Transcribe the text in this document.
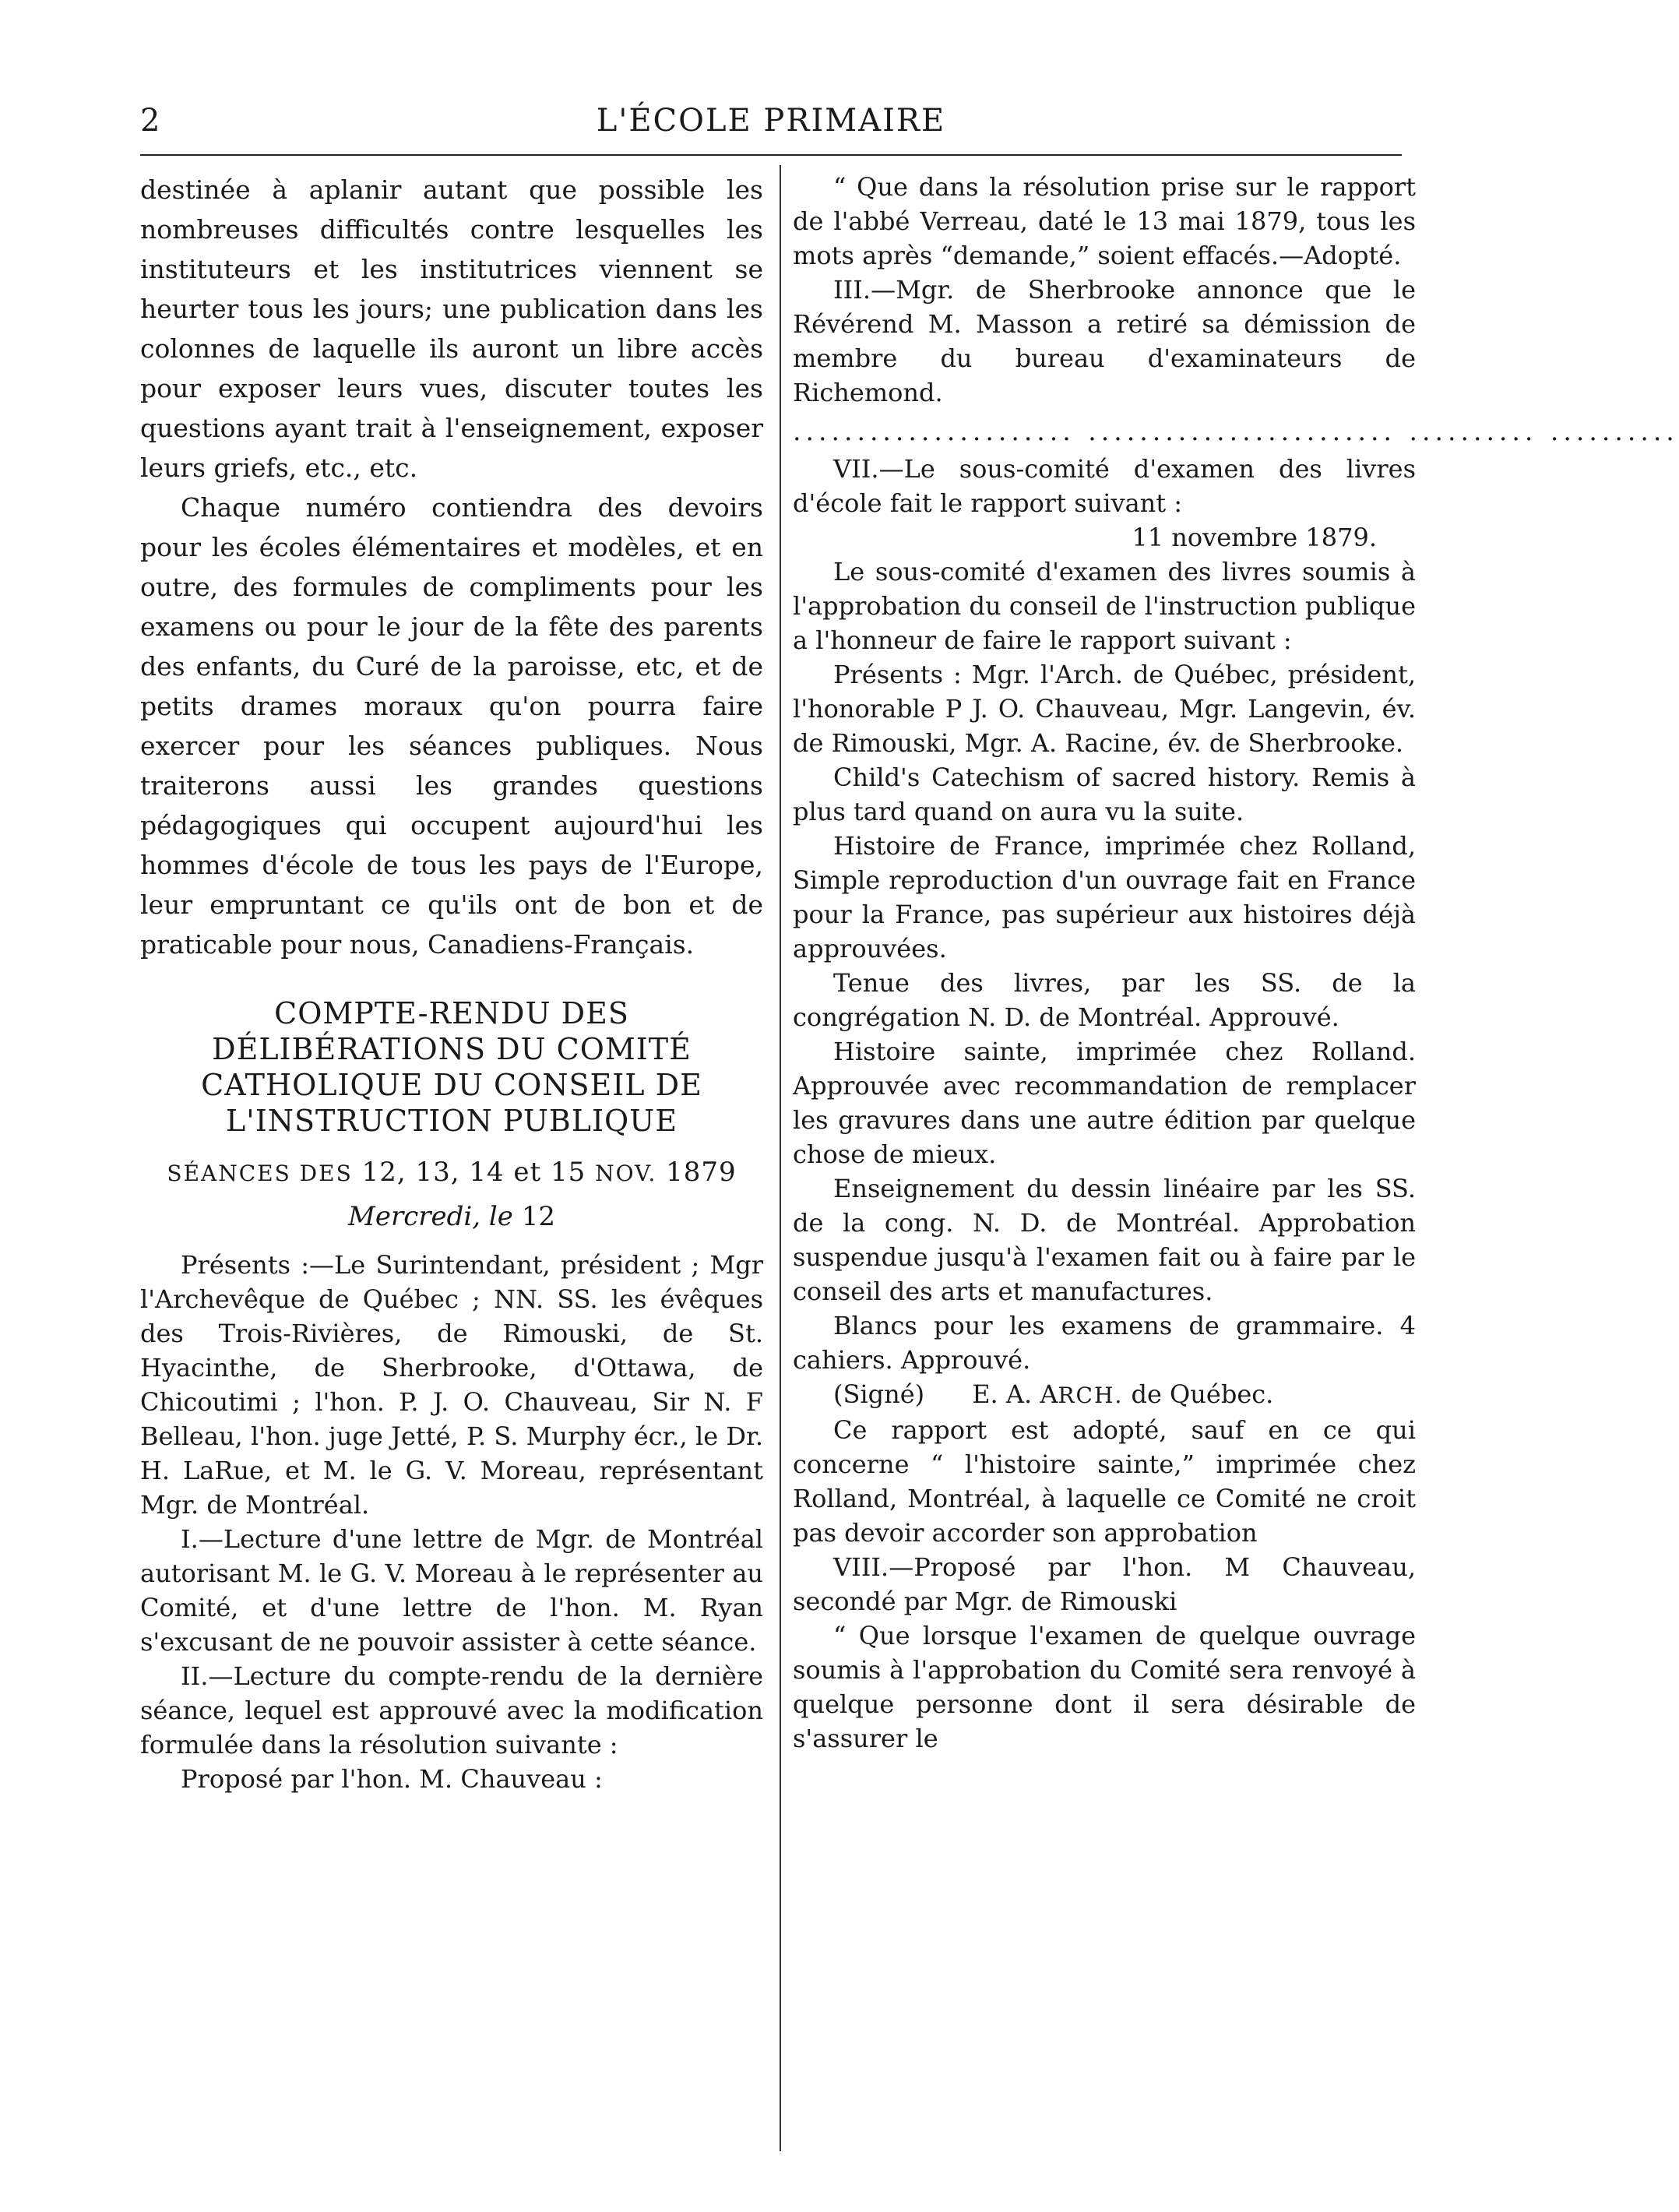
2	L'ÉCOLE PRIMAIRE

destinée à aplanir autant que possible les nombreuses difficultés contre lesquelles les instituteurs et les institutrices viennent se heurter tous les jours; une publication dans les colonnes de laquelle ils auront un libre accès pour exposer leurs vues, discuter toutes les questions ayant trait à l'enseignement, exposer leurs griefs, etc., etc.

Chaque numéro contiendra des devoirs pour les écoles élémentaires et modèles, et en outre, des formules de compliments pour les examens ou pour le jour de la fête des parents des enfants, du Curé de la paroisse, etc, et de petits drames moraux qu'on pourra faire exercer pour les séances publiques. Nous traiterons aussi les grandes questions pédagogiques qui occupent aujourd'hui les hommes d'école de tous les pays de l'Europe, leur empruntant ce qu'ils ont de bon et de praticable pour nous, Canadiens-Français.

COMPTE-RENDU DES DÉLIBÉRATIONS DU COMITÉ CATHOLIQUE DU CONSEIL DE L'INSTRUCTION PUBLIQUE
SÉANCES DES 12, 13, 14 et 15 NOV. 1879
Mercredi, le 12

Présents :—Le Surintendant, président ; Mgr l'Archevêque de Québec ; NN. SS. les évêques des Trois-Rivières, de Rimouski, de St. Hyacinthe, de Sherbrooke, d'Ottawa, de Chicoutimi ; l'hon. P. J. O. Chauveau, Sir N. F Belleau, l'hon. juge Jetté, P. S. Murphy écr., le Dr. H. LaRue, et M. le G. V. Moreau, représentant Mgr. de Montréal.

I.—Lecture d'une lettre de Mgr. de Montréal autorisant M. le G. V. Moreau à le représenter au Comité, et d'une lettre de l'hon. M. Ryan s'excusant de ne pouvoir assister à cette séance.

II.—Lecture du compte-rendu de la dernière séance, lequel est approuvé avec la modification formulée dans la résolution suivante :

Proposé par l'hon. M. Chauveau :

“ Que dans la résolution prise sur le rapport de l'abbé Verreau, daté le 13 mai 1879, tous les mots après “demande,” soient effacés.—Adopté.

III.—Mgr. de Sherbrooke annonce que le Révérend M. Masson a retiré sa démission de membre du bureau d'examinateurs de Richemond.

...................... ........................ .......... ..........

VII.—Le sous-comité d'examen des livres d'école fait le rapport suivant :

11 novembre 1879.

Le sous-comité d'examen des livres soumis à l'approbation du conseil de l'instruction publique a l'honneur de faire le rapport suivant :

Présents : Mgr. l'Arch. de Québec, président, l'honorable P J. O. Chauveau, Mgr. Langevin, év. de Rimouski, Mgr. A. Racine, év. de Sherbrooke.

Child's Catechism of sacred history. Remis à plus tard quand on aura vu la suite.

Histoire de France, imprimée chez Rolland, Simple reproduction d'un ouvrage fait en France pour la France, pas supérieur aux histoires déjà approuvées.

Tenue des livres, par les SS. de la congrégation N. D. de Montréal. Approuvé.

Histoire sainte, imprimée chez Rolland. Approuvée avec recommandation de remplacer les gravures dans une autre édition par quelque chose de mieux.

Enseignement du dessin linéaire par les SS. de la cong. N. D. de Montréal. Approbation suspendue jusqu'à l'examen fait ou à faire par le conseil des arts et manufactures.

Blancs pour les examens de grammaire. 4 cahiers. Approuvé.

(Signé) E. A. ARCH. de Québec.

Ce rapport est adopté, sauf en ce qui concerne “ l'histoire sainte,” imprimée chez Rolland, Montréal, à laquelle ce Comité ne croit pas devoir accorder son approbation

VIII.—Proposé par l'hon. M Chauveau, secondé par Mgr. de Rimouski

“ Que lorsque l'examen de quelque ouvrage soumis à l'approbation du Comité sera renvoyé à quelque personne dont il sera désirable de s'assurer le
